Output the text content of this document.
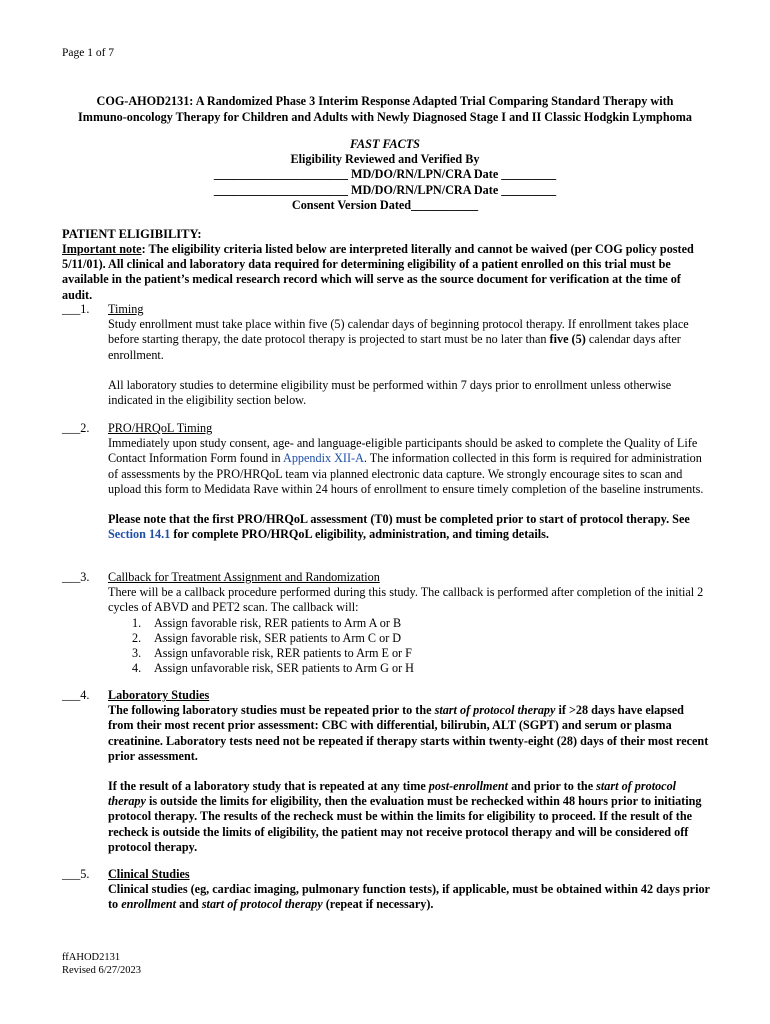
Page 1 of 7
COG-AHOD2131: A Randomized Phase 3 Interim Response Adapted Trial Comparing Standard Therapy with
Immuno-oncology Therapy for Children and Adults with Newly Diagnosed Stage I and II Classic Hodgkin Lymphoma
FAST FACTS
Eligibility Reviewed and Verified By
______________________ MD/DO/RN/LPN/CRA Date _________
______________________ MD/DO/RN/LPN/CRA Date _________
Consent Version Dated___________
PATIENT ELIGIBILITY:
Important note: The eligibility criteria listed below are interpreted literally and cannot be waived (per COG policy posted 5/11/01). All clinical and laboratory data required for determining eligibility of a patient enrolled on this trial must be available in the patient’s medical research record which will serve as the source document for verification at the time of audit.
___1. Timing

Study enrollment must take place within five (5) calendar days of beginning protocol therapy. If enrollment takes place before starting therapy, the date protocol therapy is projected to start must be no later than five (5) calendar days after enrollment.

All laboratory studies to determine eligibility must be performed within 7 days prior to enrollment unless otherwise indicated in the eligibility section below.

___2. PRO/HRQoL Timing

Immediately upon study consent, age- and language-eligible participants should be asked to complete the Quality of Life Contact Information Form found in Appendix XII-A. The information collected in this form is required for administration of assessments by the PRO/HRQoL team via planned electronic data capture. We strongly encourage sites to scan and upload this form to Medidata Rave within 24 hours of enrollment to ensure timely completion of the baseline instruments.

Please note that the first PRO/HRQoL assessment (T0) must be completed prior to start of protocol therapy. See Section 14.1 for complete PRO/HRQoL eligibility, administration, and timing details.

___3. Callback for Treatment Assignment and Randomization

There will be a callback procedure performed during this study. The callback is performed after completion of the initial 2 cycles of ABVD and PET2 scan. The callback will:

1. Assign favorable risk, RER patients to Arm A or B
2. Assign favorable risk, SER patients to Arm C or D
3. Assign unfavorable risk, RER patients to Arm E or F
4. Assign unfavorable risk, SER patients to Arm G or H
___4. Laboratory Studies

The following laboratory studies must be repeated prior to the start of protocol therapy if >28 days have elapsed from their most recent prior assessment: CBC with differential, bilirubin, ALT (SGPT) and serum or plasma creatinine. Laboratory tests need not be repeated if therapy starts within twenty-eight (28) days of their most recent prior assessment.

If the result of a laboratory study that is repeated at any time post-enrollment and prior to the start of protocol therapy is outside the limits for eligibility, then the evaluation must be rechecked within 48 hours prior to initiating protocol therapy. The results of the recheck must be within the limits for eligibility to proceed. If the result of the recheck is outside the limits of eligibility, the patient may not receive protocol therapy and will be considered off protocol therapy.

___5. Clinical Studies

Clinical studies (eg, cardiac imaging, pulmonary function tests), if applicable, must be obtained within 42 days prior to enrollment and start of protocol therapy (repeat if necessary).

ffAHOD2131
Revised 6/27/2023
